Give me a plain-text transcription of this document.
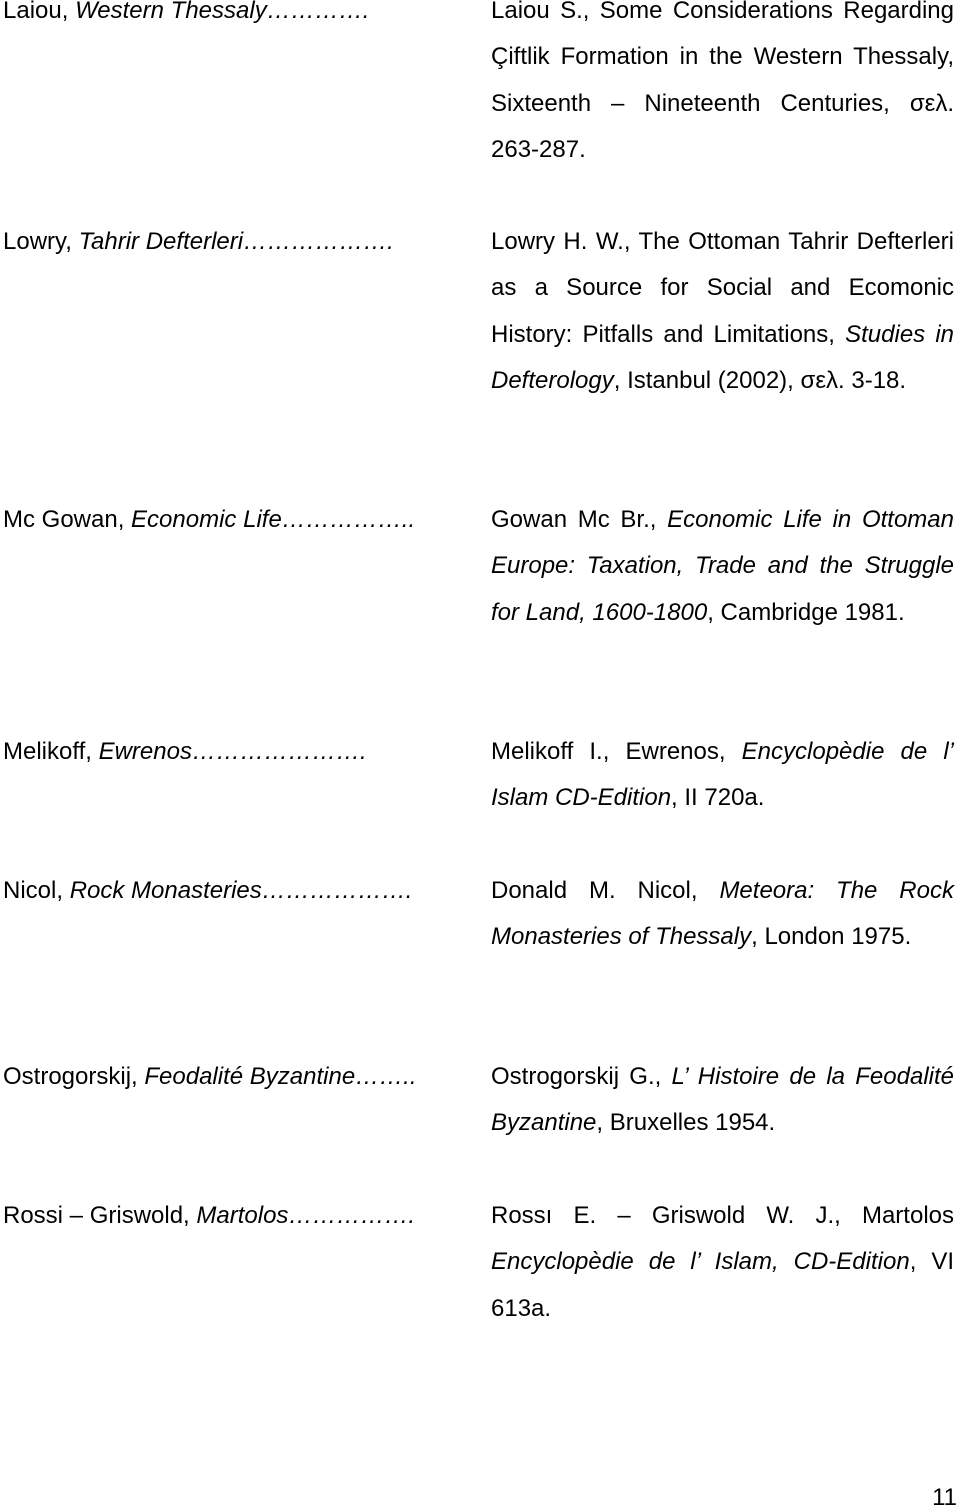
Laiou, Western Thessaly………….	Laiou S., Some Considerations Regarding Çiftlik Formation in the Western Thessaly, Sixteenth – Nineteenth Centuries, σελ. 263-287.
Lowry, Tahrir Defterleri……………….	Lowry H. W., The Ottoman Tahrir Defterleri as a Source for Social and Ecomonic History: Pitfalls and Limitations, Studies in Defterology, Istanbul (2002), σελ. 3-18.
Mc Gowan, Economic Life……………..	Gowan Mc Br., Economic Life in Ottoman Europe: Taxation, Trade and the Struggle for Land, 1600-1800, Cambridge 1981.
Melikoff, Ewrenos………………….	Melikoff I., Ewrenos, Encyclopèdie de l’ Islam CD-Edition, II 720a.
Nicol, Rock Monasteries……………….	Donald M. Nicol, Meteora: The Rock Monasteries of Thessaly, London 1975.
Ostrogorskij, Feodalité Byzantine……..	Ostrogorskij G., L’ Histoire de la Feodalité Byzantine, Bruxelles 1954.
Rossi – Griswold, Martolos…………….	Rossı E. – Griswold W. J., Martolos Encyclopèdie de l’ Islam, CD-Edition, VI 613a.
11
